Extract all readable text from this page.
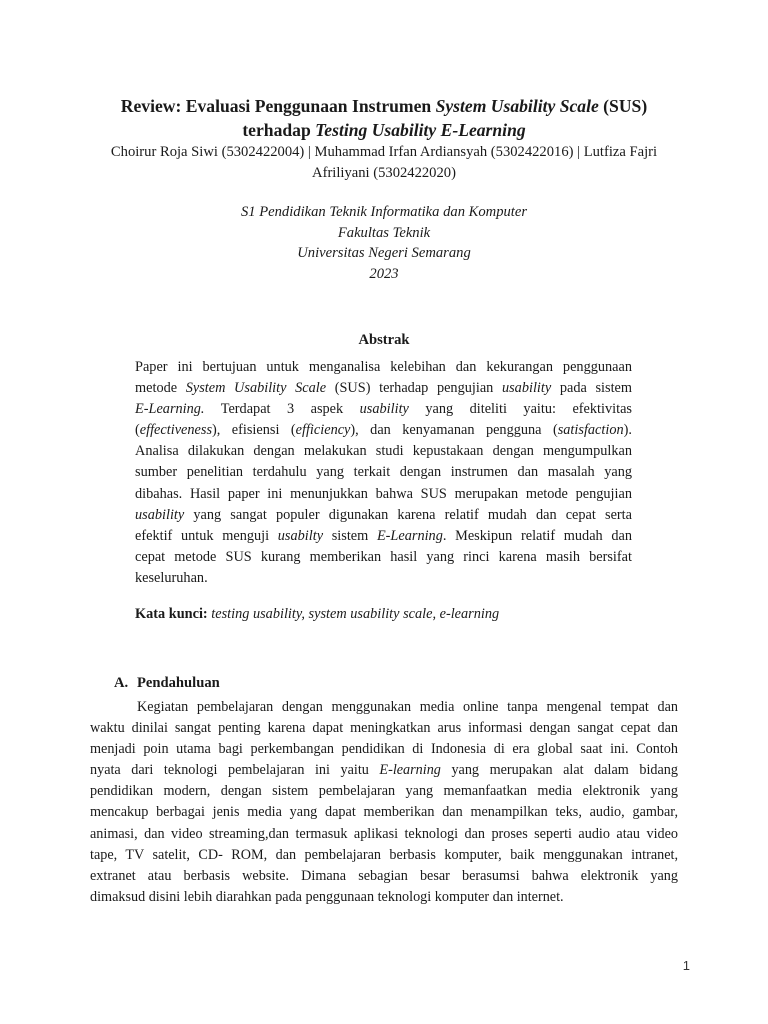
Review: Evaluasi Penggunaan Instrumen System Usability Scale (SUS)
terhadap Testing Usability E-Learning
Choirur Roja Siwi (5302422004) | Muhammad Irfan Ardiansyah (5302422016) | Lutfiza Fajri
Afriliyani (5302422020)
S1 Pendidikan Teknik Informatika dan Komputer
Fakultas Teknik
Universitas Negeri Semarang
2023
Abstrak
Paper ini bertujuan untuk menganalisa kelebihan dan kekurangan penggunaan
metode System Usability Scale (SUS) terhadap pengujian usability pada sistem
E-Learning. Terdapat 3 aspek usability yang diteliti yaitu: efektivitas
(effectiveness), efisiensi (efficiency), dan kenyamanan pengguna (satisfaction).
Analisa dilakukan dengan melakukan studi kepustakaan dengan mengumpulkan
sumber penelitian terdahulu yang terkait dengan instrumen dan masalah yang
dibahas. Hasil paper ini menunjukkan bahwa SUS merupakan metode pengujian
usability yang sangat populer digunakan karena relatif mudah dan cepat serta
efektif untuk menguji usabilty sistem E-Learning. Meskipun relatif mudah dan
cepat metode SUS kurang memberikan hasil yang rinci karena masih bersifat
keseluruhan.
Kata kunci: testing usability, system usability scale, e-learning
A. Pendahuluan
Kegiatan pembelajaran dengan menggunakan media online tanpa mengenal tempat dan
waktu dinilai sangat penting karena dapat meningkatkan arus informasi dengan sangat cepat dan
menjadi poin utama bagi perkembangan pendidikan di Indonesia di era global saat ini. Contoh
nyata dari teknologi pembelajaran ini yaitu E-learning yang merupakan alat dalam bidang
pendidikan modern, dengan sistem pembelajaran yang memanfaatkan media elektronik yang
mencakup berbagai jenis media yang dapat memberikan dan menampilkan teks, audio, gambar,
animasi, dan video streaming,dan termasuk aplikasi teknologi dan proses seperti audio atau video
tape, TV satelit, CD- ROM, dan pembelajaran berbasis komputer, baik menggunakan intranet,
extranet atau berbasis website. Dimana sebagian besar berasumsi bahwa elektronik yang
dimaksud disini lebih diarahkan pada penggunaan teknologi komputer dan internet.
1
